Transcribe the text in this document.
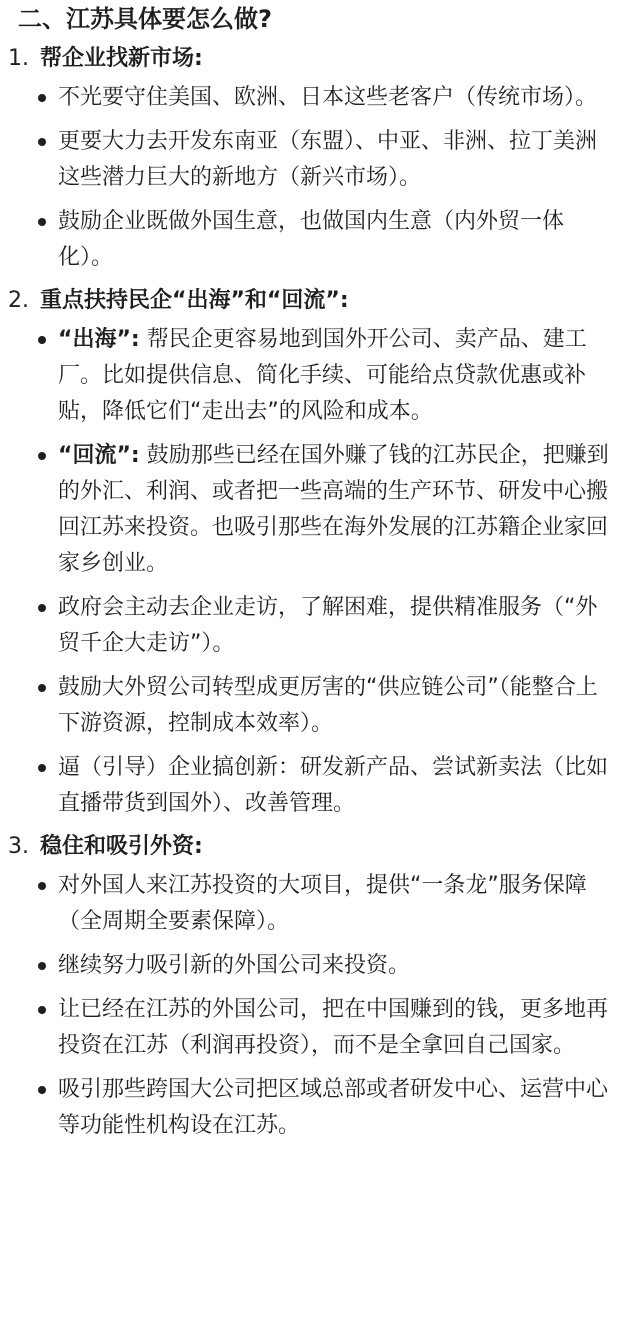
二、江苏具体要怎么做?
1. 帮企业找新市场:
不光要守住美国、欧洲、日本这些老客户（传统市场）。
更要大力去开发东南亚（东盟）、中亚、非洲、拉丁美洲这些潜力巨大的新地方（新兴市场）。
鼓励企业既做外国生意，也做国内生意（内外贸一体化）。
2. 重点扶持民企“出海”和“回流”:
“出海”: 帮民企更容易地到国外开公司、卖产品、建工厂。比如提供信息、简化手续、可能给点贷款优惠或补贴，降低它们“走出去”的风险和成本。
“回流”: 鼓励那些已经在国外赚了钱的江苏民企，把赚到的外汇、利润、或者把一些高端的生产环节、研发中心搬回江苏来投资。也吸引那些在海外发展的江苏籍企业家回家乡创业。
政府会主动去企业走访，了解困难，提供精准服务（“外贸千企大走访”）。
鼓励大外贸公司转型成更厉害的“供应链公司”（能整合上下游资源，控制成本效率）。
逼（引导）企业搞创新：研发新产品、尝试新卖法（比如直播带货到国外）、改善管理。
3. 稳住和吸引外资:
对外国人来江苏投资的大项目，提供“一条龙”服务保障（全周期全要素保障）。
继续努力吸引新的外国公司来投资。
让已经在江苏的外国公司，把在中国赚到的钱，更多地再投资在江苏（利润再投资），而不是全拿回自己国家。
吸引那些跨国大公司把区域总部或者研发中心、运营中心等功能性机构设在江苏。
